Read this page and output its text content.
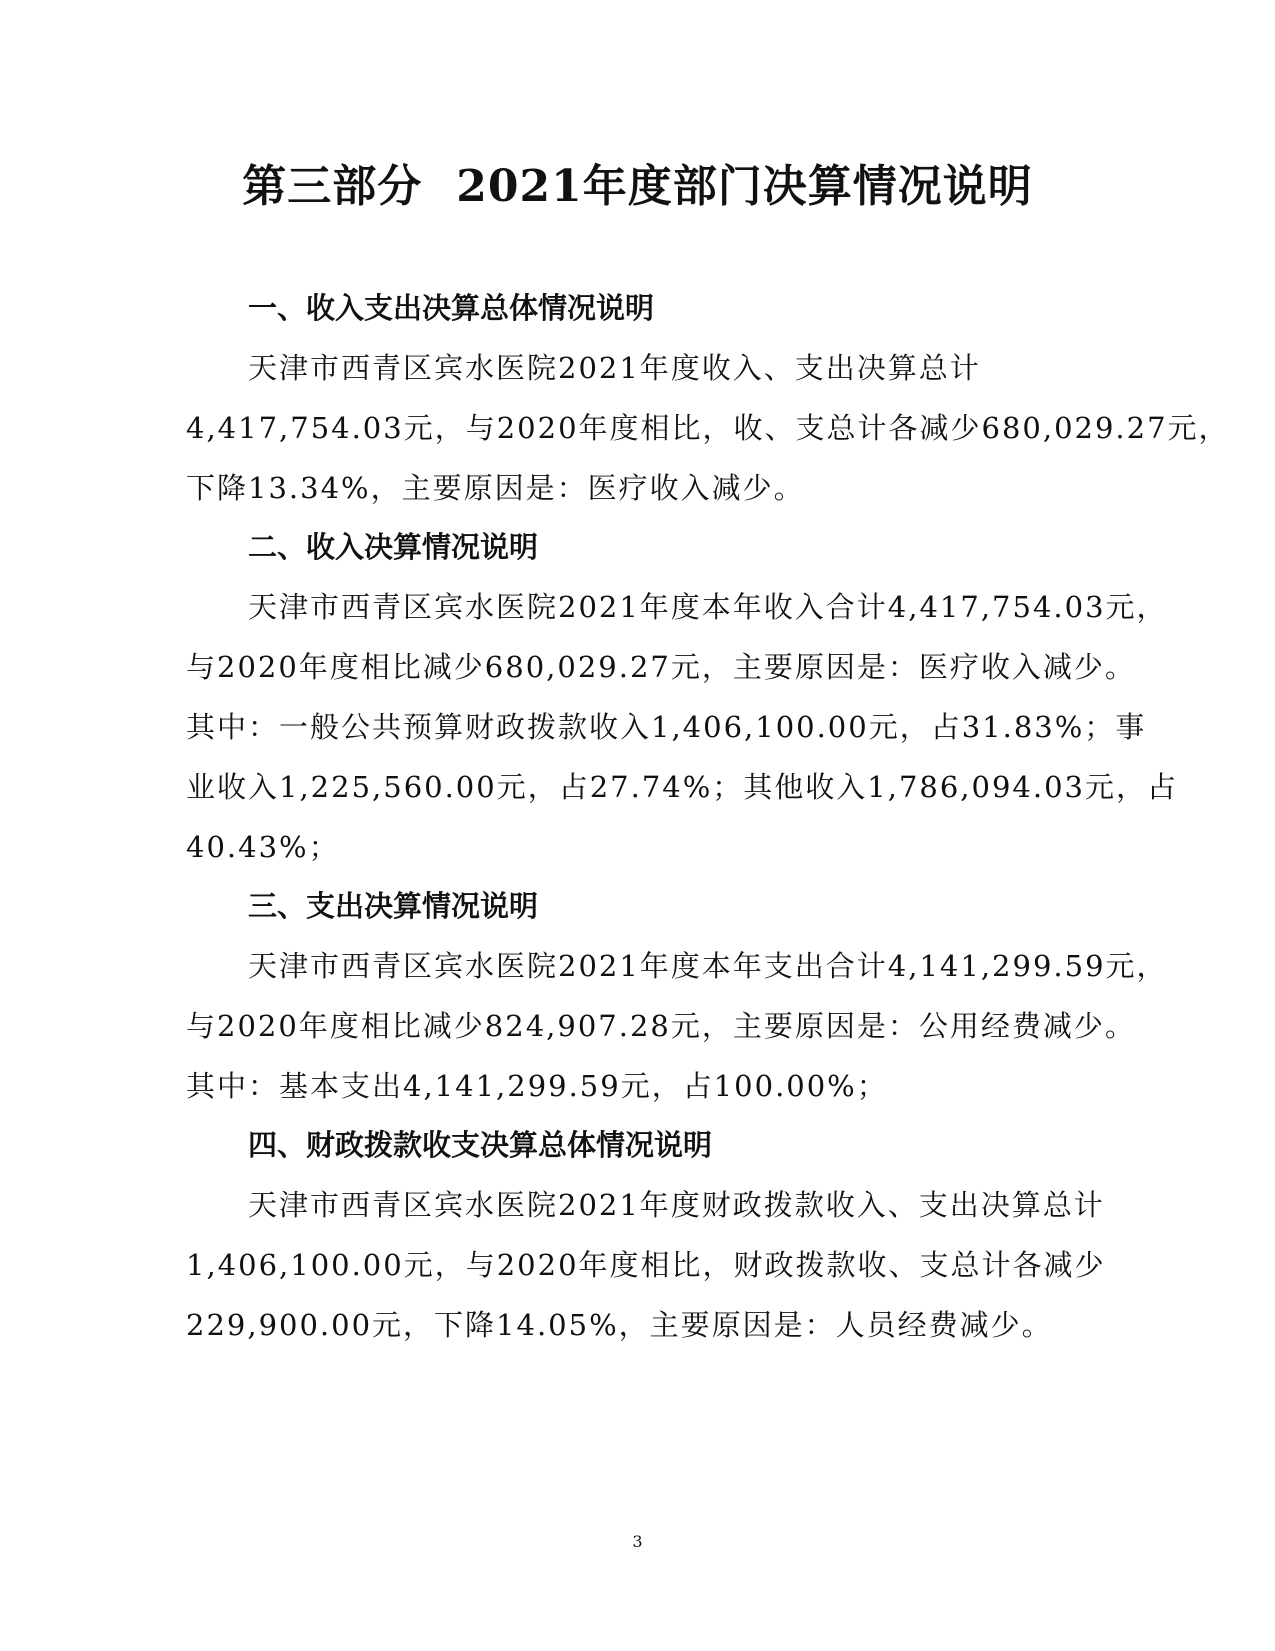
第三部分 2021年度部门决算情况说明
一、收入支出决算总体情况说明
天津市西青区宾水医院2021年度收入、支出决算总计
4,417,754.03元，与2020年度相比，收、支总计各减少680,029.27元，
下降13.34%，主要原因是：医疗收入减少。
二、收入决算情况说明
天津市西青区宾水医院2021年度本年收入合计4,417,754.03元，
与2020年度相比减少680,029.27元，主要原因是：医疗收入减少。
其中：一般公共预算财政拨款收入1,406,100.00元，占31.83%；事
业收入1,225,560.00元，占27.74%；其他收入1,786,094.03元，占
40.43%；
三、支出决算情况说明
天津市西青区宾水医院2021年度本年支出合计4,141,299.59元，
与2020年度相比减少824,907.28元，主要原因是：公用经费减少。
其中：基本支出4,141,299.59元，占100.00%；
四、财政拨款收支决算总体情况说明
天津市西青区宾水医院2021年度财政拨款收入、支出决算总计
1,406,100.00元，与2020年度相比，财政拨款收、支总计各减少
229,900.00元，下降14.05%，主要原因是：人员经费减少。
3
